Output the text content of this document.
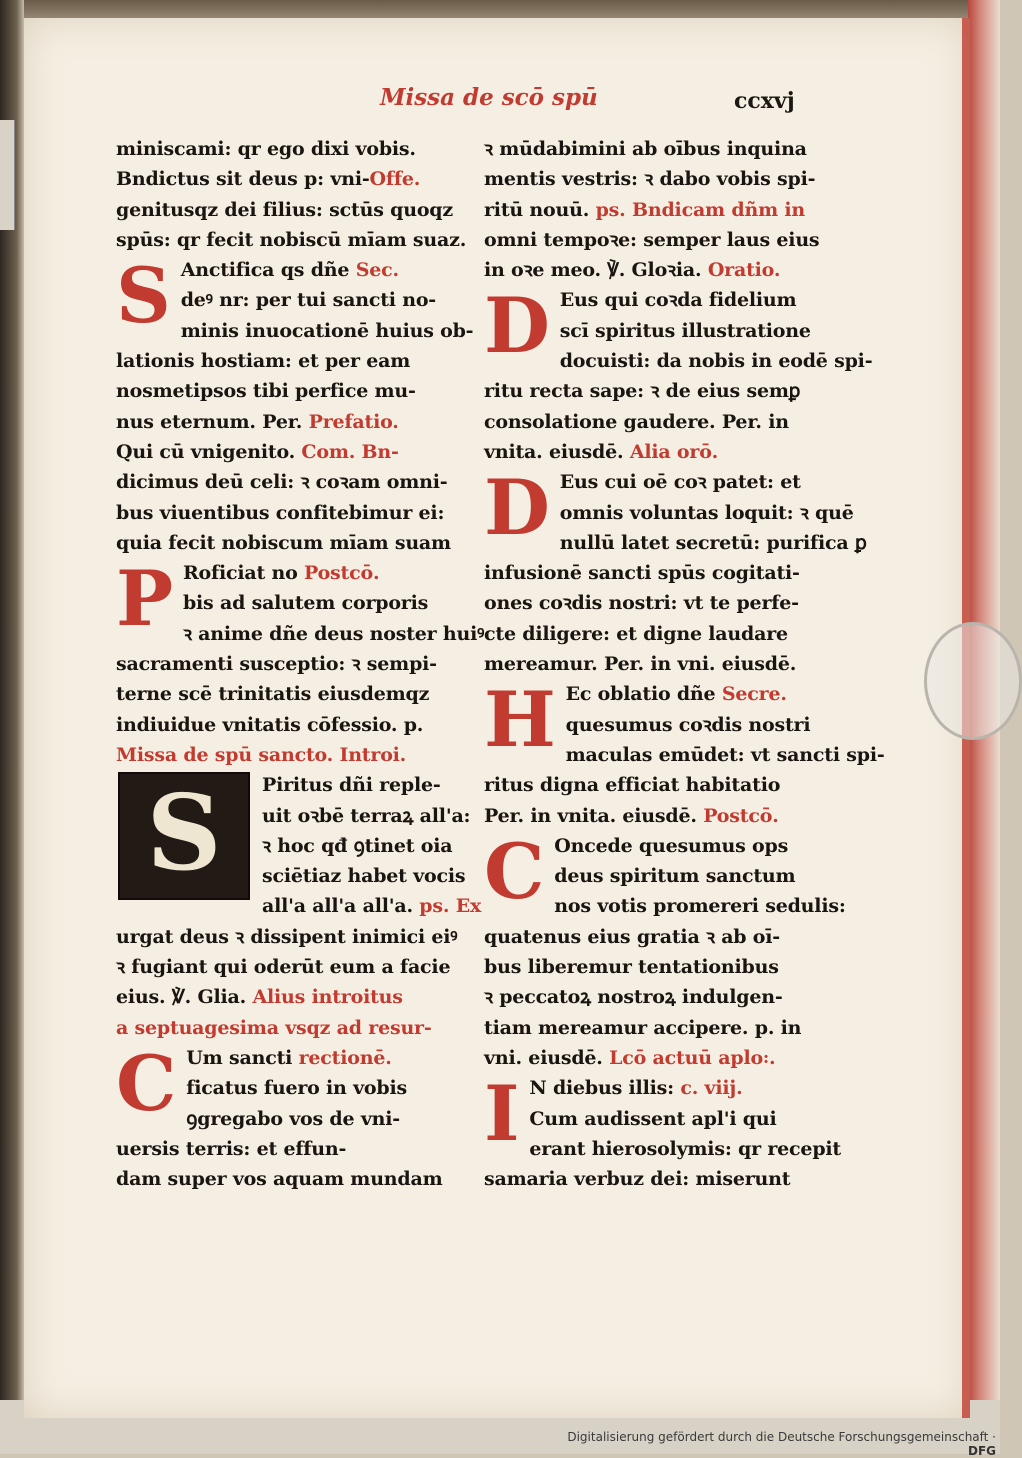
Missa de scō spū	ccxvj
miniscami: qr ego dixi vobis.
Bndictus sit deus p: vni-Offe.
genitusqz dei filius: sctūs quoqz
spūs: qr fecit nobiscū mīam suaz.
S Anctifica qs dñe Sec.
deꝰ nr: per tui sancti no-
minis inuocationē huius ob-
lationis hostiam: et per eam
nosmetipsos tibi perfice mu-
nus eternum. Per. Prefatio.
Qui cū vnigenito. Com. Bn-
dicimus deū celi: ꝛ coꝛam omni-
bus viuentibus confitebimur ei:
quia fecit nobiscum mīam suam
P Roficiat no Postcō.
bis ad salutem corporis
ꝛ anime dñe deus noster huiꝰ
sacramenti susceptio: ꝛ sempi-
terne scē trinitatis eiusdemqz
indiuidue vnitatis cōfessio. p.
Missa de spū sancto. Introi.
S	Piritus dñi reple-
uit oꝛbē terraꝝ all'a:
ꝛ hoc qđ ꝯtinet oia
sciētiaz habet vocis
all'a all'a all'a. ps. Ex
urgat deus ꝛ dissipent inimici eiꝰ
ꝛ fugiant qui oderūt eum a facie
eius. ℣. Glia. Alius introitus
a septuagesima vsqz ad resur-
C Um sancti rectionē.
ficatus fuero in vobis
ꝯgregabo vos de vni-
uersis terris: et effun-
dam super vos aquam mundam
ꝛ mūdabimini ab oībus inquina
mentis vestris: ꝛ dabo vobis spi-
ritū nouū. ps. Bndicam dñm in
omni tempoꝛe: semper laus eius
in oꝛe meo. ℣. Gloꝛia. Oratio.
D Eus qui coꝛda fidelium
scī spiritus illustratione
docuisti: da nobis in eodē spi-
ritu recta sape: ꝛ de eius semꝑ
consolatione gaudere. Per. in
vnita. eiusdē. Alia orō.
D Eus cui oē coꝛ patet: et
omnis voluntas loquit: ꝛ quē
nullū latet secretū: purifica ꝑ
infusionē sancti spūs cogitati-
ones coꝛdis nostri: vt te perfe-
cte diligere: et digne laudare
mereamur. Per. in vni. eiusdē.
H Ec oblatio dñe Secre.
quesumus coꝛdis nostri
maculas emūdet: vt sancti spi-
ritus digna efficiat habitatio
Per. in vnita. eiusdē. Postcō.
C Oncede quesumus ops
deus spiritum sanctum
nos votis promereri sedulis:
quatenus eius gratia ꝛ ab oī-
bus liberemur tentationibus
ꝛ peccatoꝝ nostroꝝ indulgen-
tiam mereamur accipere. p. in
vni. eiusdē. Lcō actuū aplo꞉.
I N diebus illis: c. viij.
Cum audissent apl'i qui
erant hierosolymis: qr recepit
samaria verbuz dei: miserunt
Digitalisierung gefördert durch die Deutsche Forschungsgemeinschaft · DFG
